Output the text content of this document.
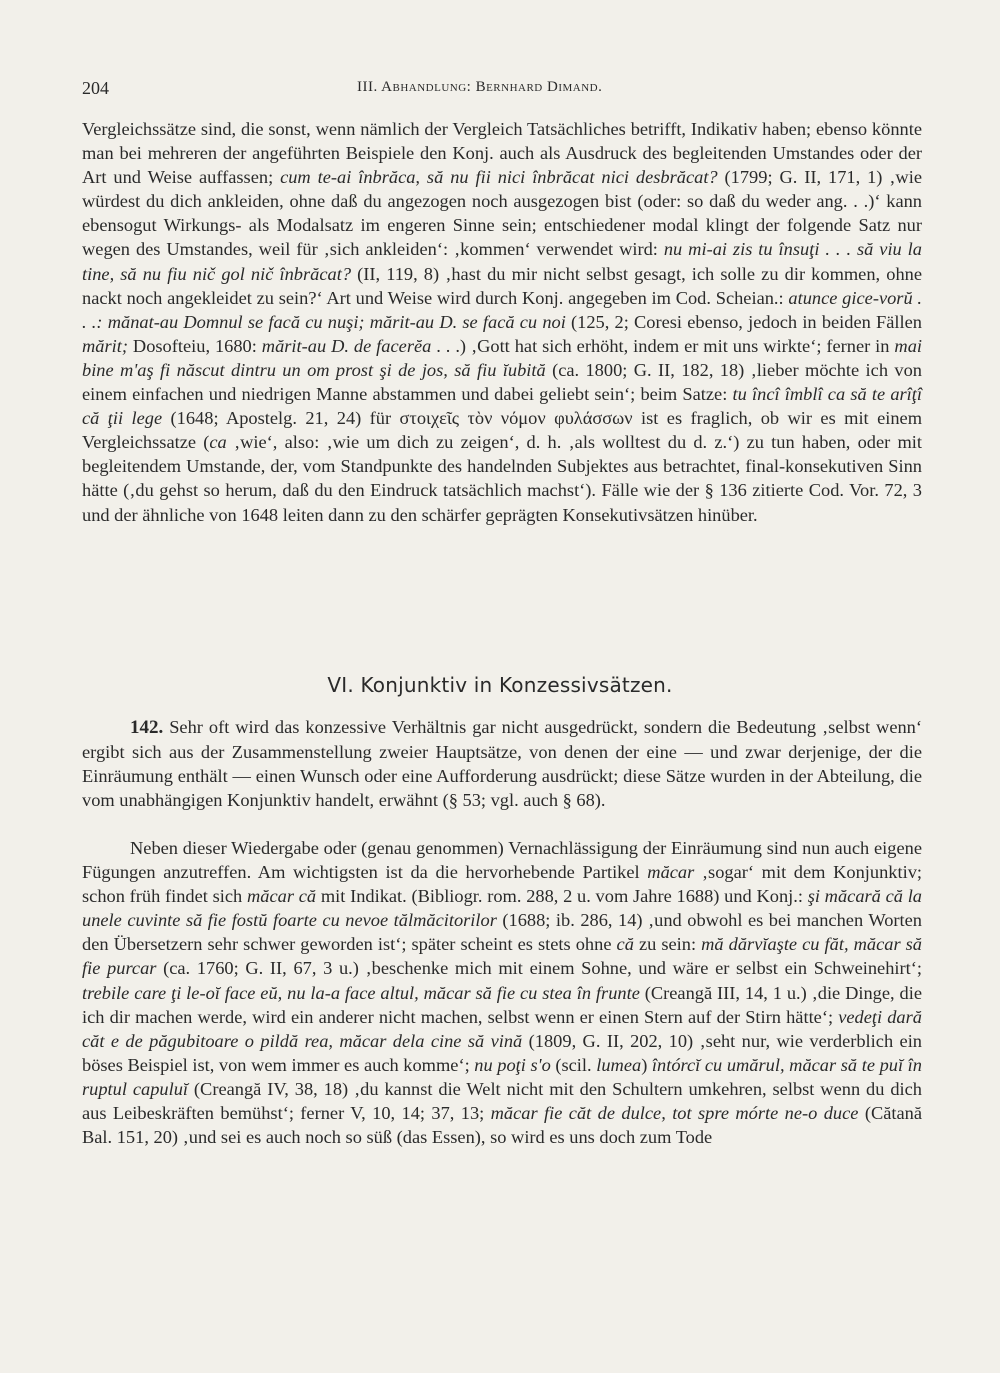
204	III. Abhandlung: Bernhard Dimand.

Vergleichssätze sind, die sonst, wenn nämlich der Vergleich Tatsächliches betrifft, Indikativ haben; ebenso könnte man bei mehreren der angeführten Beispiele den Konj. auch als Ausdruck des begleitenden Umstandes oder der Art und Weise auffassen; cum te-ai înbrăca, să nu fii nici înbrăcat nici desbrăcat? (1799; G. II, 171, 1) ‚wie würdest du dich ankleiden, ohne daß du angezogen noch ausgezogen bist (oder: so daß du weder ang. . .)‘ kann ebensogut Wirkungs- als Modalsatz im engeren Sinne sein; entschiedener modal klingt der folgende Satz nur wegen des Umstandes, weil für ‚sich ankleiden‘: ‚kommen‘ verwendet wird: nu mi-ai zis tu însuţi . . . să viu la tine, să nu fiu nič gol nič înbrăcat? (II, 119, 8) ‚hast du mir nicht selbst gesagt, ich solle zu dir kommen, ohne nackt noch angekleidet zu sein?‘ Art und Weise wird durch Konj. angegeben im Cod. Scheian.: atunce gice-vorŭ . . .: mănat-au Domnul se facă cu nuşi; mărit-au D. se facă cu noi (125, 2; Coresi ebenso, jedoch in beiden Fällen mărit; Dosofteiu, 1680: mărit-au D. de facerĕa . . .) ‚Gott hat sich erhöht, indem er mit uns wirkte‘; ferner in mai bine m'aş fi născut dintru un om prost şi de jos, să fiu ĭubită (ca. 1800; G. II, 182, 18) ‚lieber möchte ich von einem einfachen und niedrigen Manne abstammen und dabei geliebt sein‘; beim Satze: tu încî îmblî ca să te arîţî că ţii lege (1648; Apostelg. 21, 24) für στοιχεῖς τὸν νόμον φυλάσσων ist es fraglich, ob wir es mit einem Vergleichssatze (ca ‚wie‘, also: ‚wie um dich zu zeigen‘, d. h. ‚als wolltest du d. z.‘) zu tun haben, oder mit begleitendem Umstande, der, vom Standpunkte des handelnden Subjektes aus betrachtet, final-konsekutiven Sinn hätte (‚du gehst so herum, daß du den Eindruck tatsächlich machst‘). Fälle wie der § 136 zitierte Cod. Vor. 72, 3 und der ähnliche von 1648 leiten dann zu den schärfer geprägten Konsekutivsätzen hinüber.

VI. Konjunktiv in Konzessivsätzen.

142. Sehr oft wird das konzessive Verhältnis gar nicht ausgedrückt, sondern die Bedeutung ‚selbst wenn‘ ergibt sich aus der Zusammenstellung zweier Hauptsätze, von denen der eine — und zwar derjenige, der die Einräumung enthält — einen Wunsch oder eine Aufforderung ausdrückt; diese Sätze wurden in der Abteilung, die vom unabhängigen Konjunktiv handelt, erwähnt (§ 53; vgl. auch § 68).

Neben dieser Wiedergabe oder (genau genommen) Vernachlässigung der Einräumung sind nun auch eigene Fügungen anzutreffen. Am wichtigsten ist da die hervorhebende Partikel măcar ‚sogar‘ mit dem Konjunktiv; schon früh findet sich măcar că mit Indikat. (Bibliogr. rom. 288, 2 u. vom Jahre 1688) und Konj.: şi măcară că la unele cuvinte să fie fostŭ foarte cu nevoe tălmăcitorilor (1688; ib. 286, 14) ‚und obwohl es bei manchen Worten den Übersetzern sehr schwer geworden ist‘; später scheint es stets ohne că zu sein: mă dărvĭaşte cu făt, măcar să fie purcar (ca. 1760; G. II, 67, 3 u.) ‚beschenke mich mit einem Sohne, und wäre er selbst ein Schweinehirt‘; trebile care ţi le-oĭ face eŭ, nu la-a face altul, măcar să fie cu stea în frunte (Creangă III, 14, 1 u.) ‚die Dinge, die ich dir machen werde, wird ein anderer nicht machen, selbst wenn er einen Stern auf der Stirn hätte‘; vedeţi dară căt e de păgubitoare o pildă rea, măcar dela cine să vină (1809, G. II, 202, 10) ‚seht nur, wie verderblich ein böses Beispiel ist, von wem immer es auch komme‘; nu poţi s'o (scil. lumea) întórcĭ cu umărul, măcar să te puĭ în ruptul capuluĭ (Creangă IV, 38, 18) ‚du kannst die Welt nicht mit den Schultern umkehren, selbst wenn du dich aus Leibeskräften bemühst‘; ferner V, 10, 14; 37, 13; măcar fie căt de dulce, tot spre mórte ne-o duce (Cătană Bal. 151, 20) ‚und sei es auch noch so süß (das Essen), so wird es uns doch zum Tode
